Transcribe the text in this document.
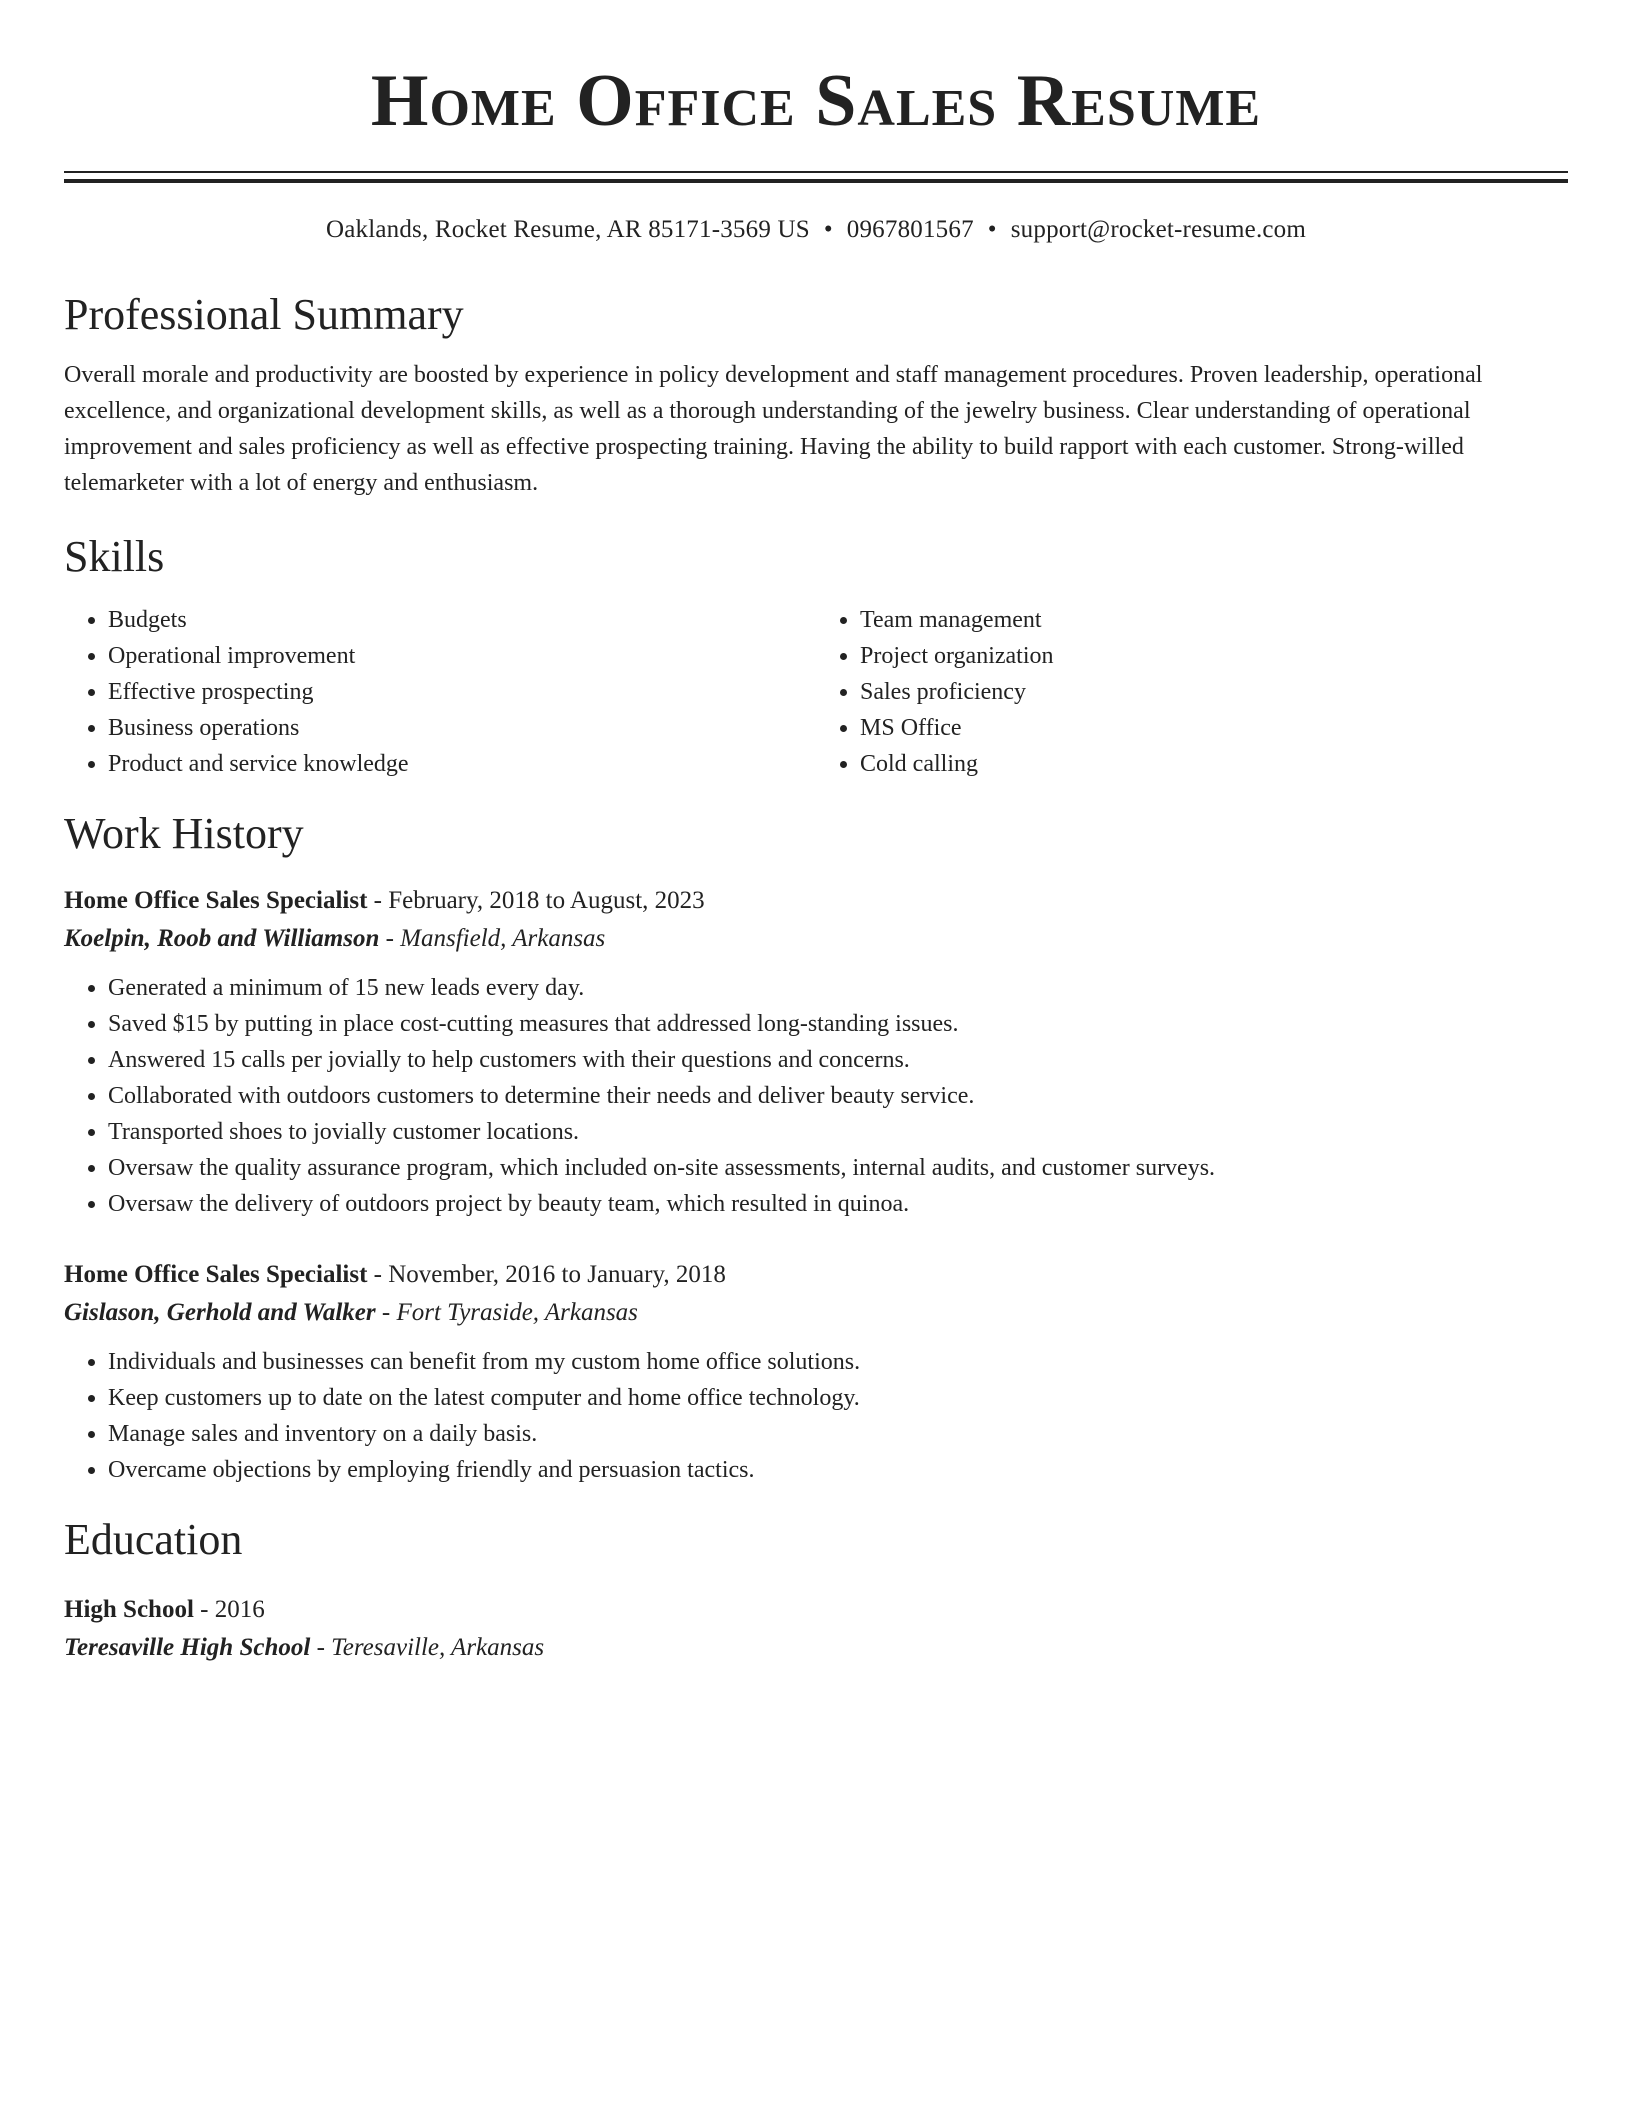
Home Office Sales Resume
Oaklands, Rocket Resume, AR 85171-3569 US • 0967801567 • support@rocket-resume.com
Professional Summary

Overall morale and productivity are boosted by experience in policy development and staff management procedures. Proven leadership, operational excellence, and organizational development skills, as well as a thorough understanding of the jewelry business. Clear understanding of operational improvement and sales proficiency as well as effective prospecting training. Having the ability to build rapport with each customer. Strong-willed telemarketer with a lot of energy and enthusiasm.

Skills
• Budgets
• Operational improvement
• Effective prospecting
• Business operations
• Product and service knowledge
• Team management
• Project organization
• Sales proficiency
• MS Office
• Cold calling
Work History
Home Office Sales Specialist - February, 2018 to August, 2023
Koelpin, Roob and Williamson - Mansfield, Arkansas
• Generated a minimum of 15 new leads every day.
• Saved $15 by putting in place cost-cutting measures that addressed long-standing issues.
• Answered 15 calls per jovially to help customers with their questions and concerns.
• Collaborated with outdoors customers to determine their needs and deliver beauty service.
• Transported shoes to jovially customer locations.
• Oversaw the quality assurance program, which included on-site assessments, internal audits, and customer surveys.
• Oversaw the delivery of outdoors project by beauty team, which resulted in quinoa.
Home Office Sales Specialist - November, 2016 to January, 2018
Gislason, Gerhold and Walker - Fort Tyraside, Arkansas
• Individuals and businesses can benefit from my custom home office solutions.
• Keep customers up to date on the latest computer and home office technology.
• Manage sales and inventory on a daily basis.
• Overcame objections by employing friendly and persuasion tactics.
Education
High School - 2016
Teresaville High School - Teresaville, Arkansas
